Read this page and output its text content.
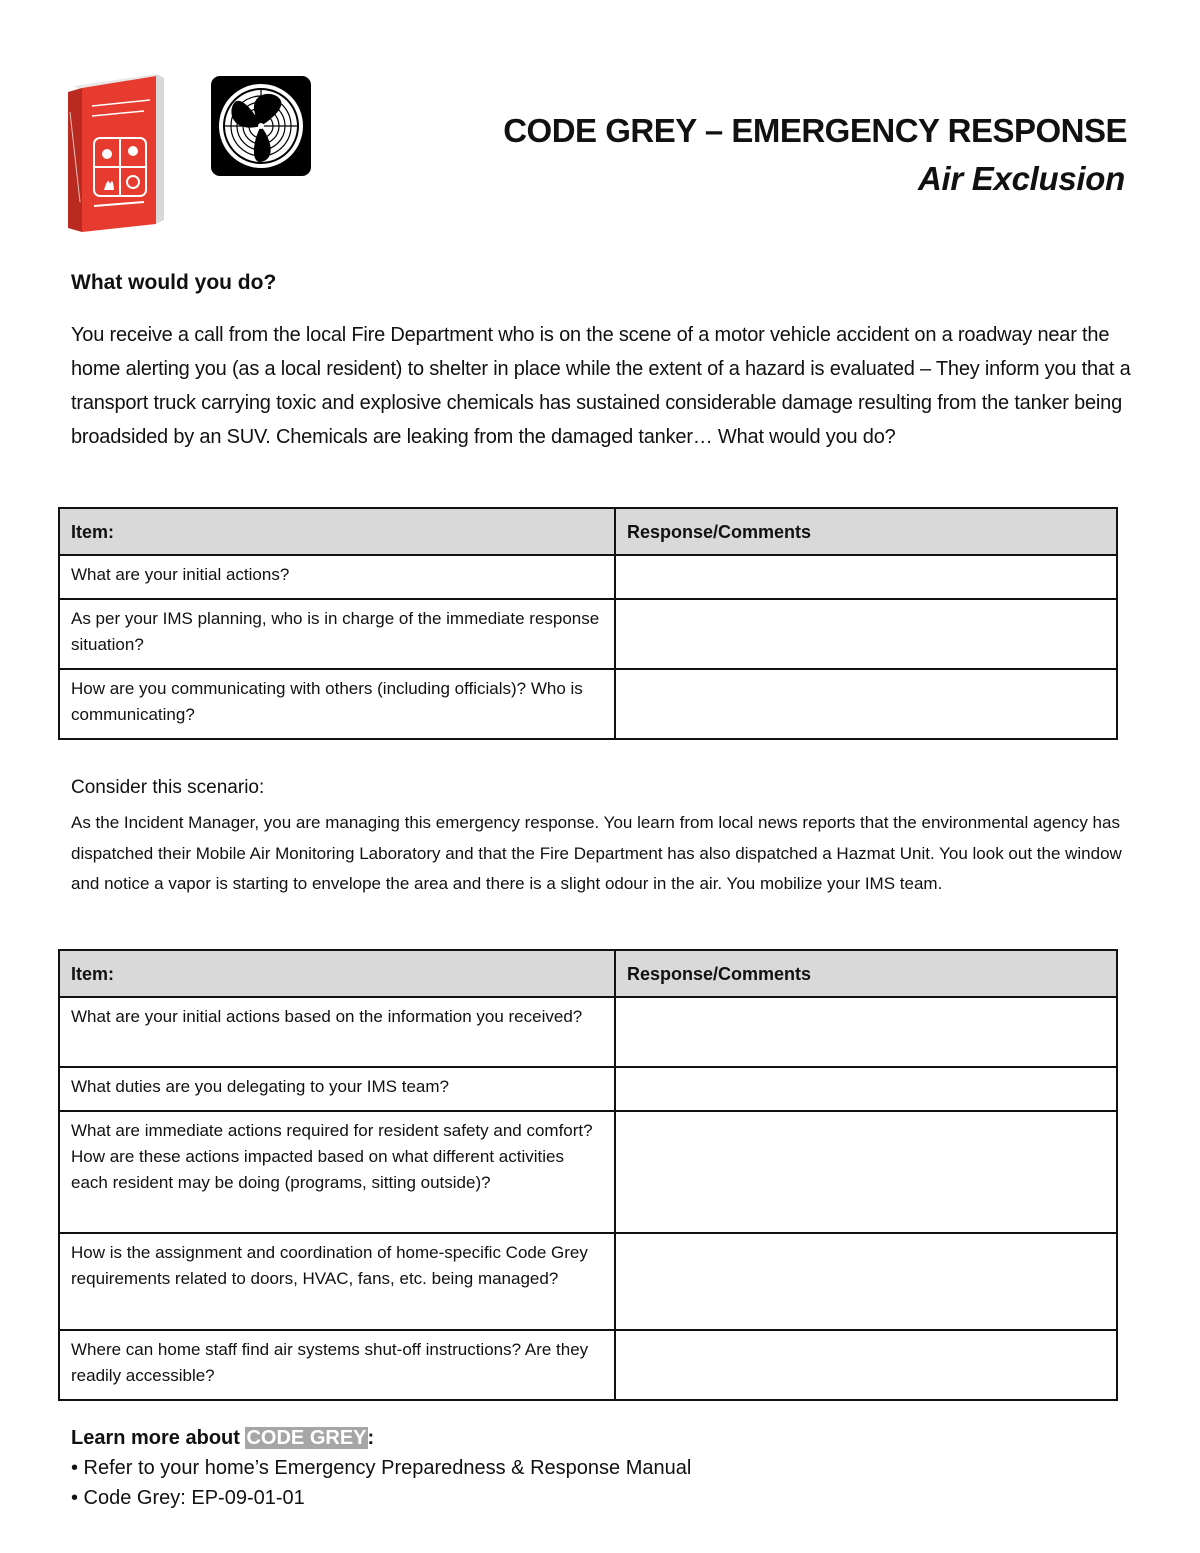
CODE GREY – EMERGENCY RESPONSE
Air Exclusion
What would you do?
You receive a call from the local Fire Department who is on the scene of a motor vehicle accident on a roadway near the home alerting you (as a local resident) to shelter in place while the extent of a hazard is evaluated – They inform you that a transport truck carrying toxic and explosive chemicals has sustained considerable damage resulting from the tanker being broadsided by an SUV. Chemicals are leaking from the damaged tanker… What would you do?
Item:	Response/Comments
What are your initial actions?	
As per your IMS planning, who is in charge of the immediate response situation?	
How are you communicating with others (including officials)? Who is communicating?	
Consider this scenario:
As the Incident Manager, you are managing this emergency response. You learn from local news reports that the environmental agency has dispatched their Mobile Air Monitoring Laboratory and that the Fire Department has also dispatched a Hazmat Unit. You look out the window and notice a vapor is starting to envelope the area and there is a slight odour in the air. You mobilize your IMS team.
Item:	Response/Comments
What are your initial actions based on the information you received?	
What duties are you delegating to your IMS team?	
What are immediate actions required for resident safety and comfort? How are these actions impacted based on what different activities each resident may be doing (programs, sitting outside)?	
How is the assignment and coordination of home-specific Code Grey requirements related to doors, HVAC, fans, etc. being managed?	
Where can home staff find air systems shut-off instructions? Are they readily accessible?	
Learn more about CODE GREY:
• Refer to your home’s Emergency Preparedness & Response Manual
• Code Grey: EP-09-01-01
